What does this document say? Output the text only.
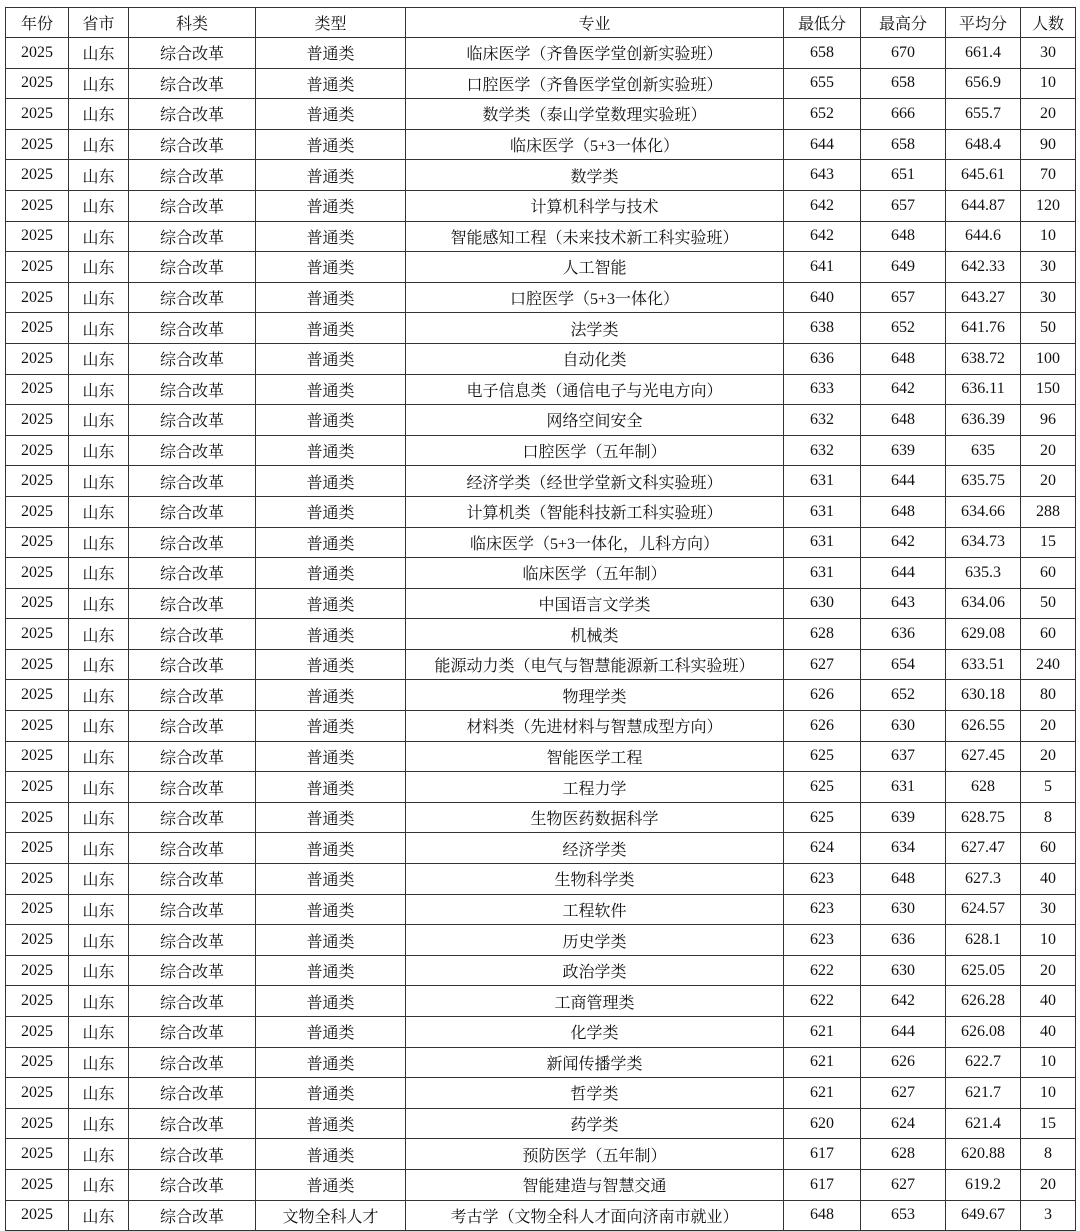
年份	省市	科类	类型	专业	最低分	最高分	平均分	人数
2025	山东	综合改革	普通类	临床医学（齐鲁医学堂创新实验班）	658	670	661.4	30
2025	山东	综合改革	普通类	口腔医学（齐鲁医学堂创新实验班）	655	658	656.9	10
2025	山东	综合改革	普通类	数学类（泰山学堂数理实验班）	652	666	655.7	20
2025	山东	综合改革	普通类	临床医学（5+3一体化）	644	658	648.4	90
2025	山东	综合改革	普通类	数学类	643	651	645.61	70
2025	山东	综合改革	普通类	计算机科学与技术	642	657	644.87	120
2025	山东	综合改革	普通类	智能感知工程（未来技术新工科实验班）	642	648	644.6	10
2025	山东	综合改革	普通类	人工智能	641	649	642.33	30
2025	山东	综合改革	普通类	口腔医学（5+3一体化）	640	657	643.27	30
2025	山东	综合改革	普通类	法学类	638	652	641.76	50
2025	山东	综合改革	普通类	自动化类	636	648	638.72	100
2025	山东	综合改革	普通类	电子信息类（通信电子与光电方向）	633	642	636.11	150
2025	山东	综合改革	普通类	网络空间安全	632	648	636.39	96
2025	山东	综合改革	普通类	口腔医学（五年制）	632	639	635	20
2025	山东	综合改革	普通类	经济学类（经世学堂新文科实验班）	631	644	635.75	20
2025	山东	综合改革	普通类	计算机类（智能科技新工科实验班）	631	648	634.66	288
2025	山东	综合改革	普通类	临床医学（5+3一体化，儿科方向）	631	642	634.73	15
2025	山东	综合改革	普通类	临床医学（五年制）	631	644	635.3	60
2025	山东	综合改革	普通类	中国语言文学类	630	643	634.06	50
2025	山东	综合改革	普通类	机械类	628	636	629.08	60
2025	山东	综合改革	普通类	能源动力类（电气与智慧能源新工科实验班）	627	654	633.51	240
2025	山东	综合改革	普通类	物理学类	626	652	630.18	80
2025	山东	综合改革	普通类	材料类（先进材料与智慧成型方向）	626	630	626.55	20
2025	山东	综合改革	普通类	智能医学工程	625	637	627.45	20
2025	山东	综合改革	普通类	工程力学	625	631	628	5
2025	山东	综合改革	普通类	生物医药数据科学	625	639	628.75	8
2025	山东	综合改革	普通类	经济学类	624	634	627.47	60
2025	山东	综合改革	普通类	生物科学类	623	648	627.3	40
2025	山东	综合改革	普通类	工程软件	623	630	624.57	30
2025	山东	综合改革	普通类	历史学类	623	636	628.1	10
2025	山东	综合改革	普通类	政治学类	622	630	625.05	20
2025	山东	综合改革	普通类	工商管理类	622	642	626.28	40
2025	山东	综合改革	普通类	化学类	621	644	626.08	40
2025	山东	综合改革	普通类	新闻传播学类	621	626	622.7	10
2025	山东	综合改革	普通类	哲学类	621	627	621.7	10
2025	山东	综合改革	普通类	药学类	620	624	621.4	15
2025	山东	综合改革	普通类	预防医学（五年制）	617	628	620.88	8
2025	山东	综合改革	普通类	智能建造与智慧交通	617	627	619.2	20
2025	山东	综合改革	文物全科人才	考古学（文物全科人才面向济南市就业）	648	653	649.67	3
